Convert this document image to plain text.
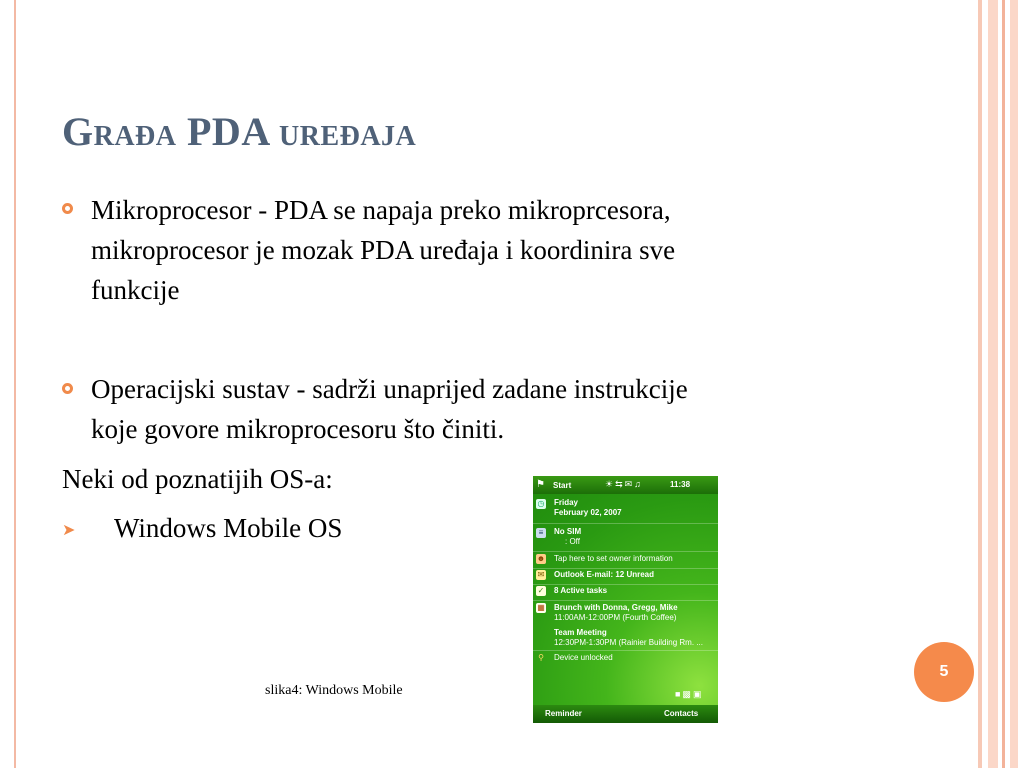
Građa PDA uređaja
Mikroprocesor - PDA se napaja preko mikroprcesora,
mikroprocesor je mozak PDA uređaja i koordinira sve
funkcije
Operacijski sustav - sadrži unaprijed zadane instrukcije
koje govore mikroprocesoru što činiti.
Neki od poznatijih OS-a:
➤ Windows Mobile OS
⚑	Start	☀⇆✉♫	11:38
◷ Friday
February 02, 2007
≡	No SIM
: Off
☻ Tap here to set owner information
✉ Outlook E-mail: 12 Unread
✓ 8 Active tasks
▦ Brunch with Donna, Gregg, Mike
11:00AM-12:00PM (Fourth Coffee)
Team Meeting
12:30PM-1:30PM (Rainier Building Rm. ...
⚲ Device unlocked
■▩▣
Reminder	Contacts
slika4: Windows Mobile
5
